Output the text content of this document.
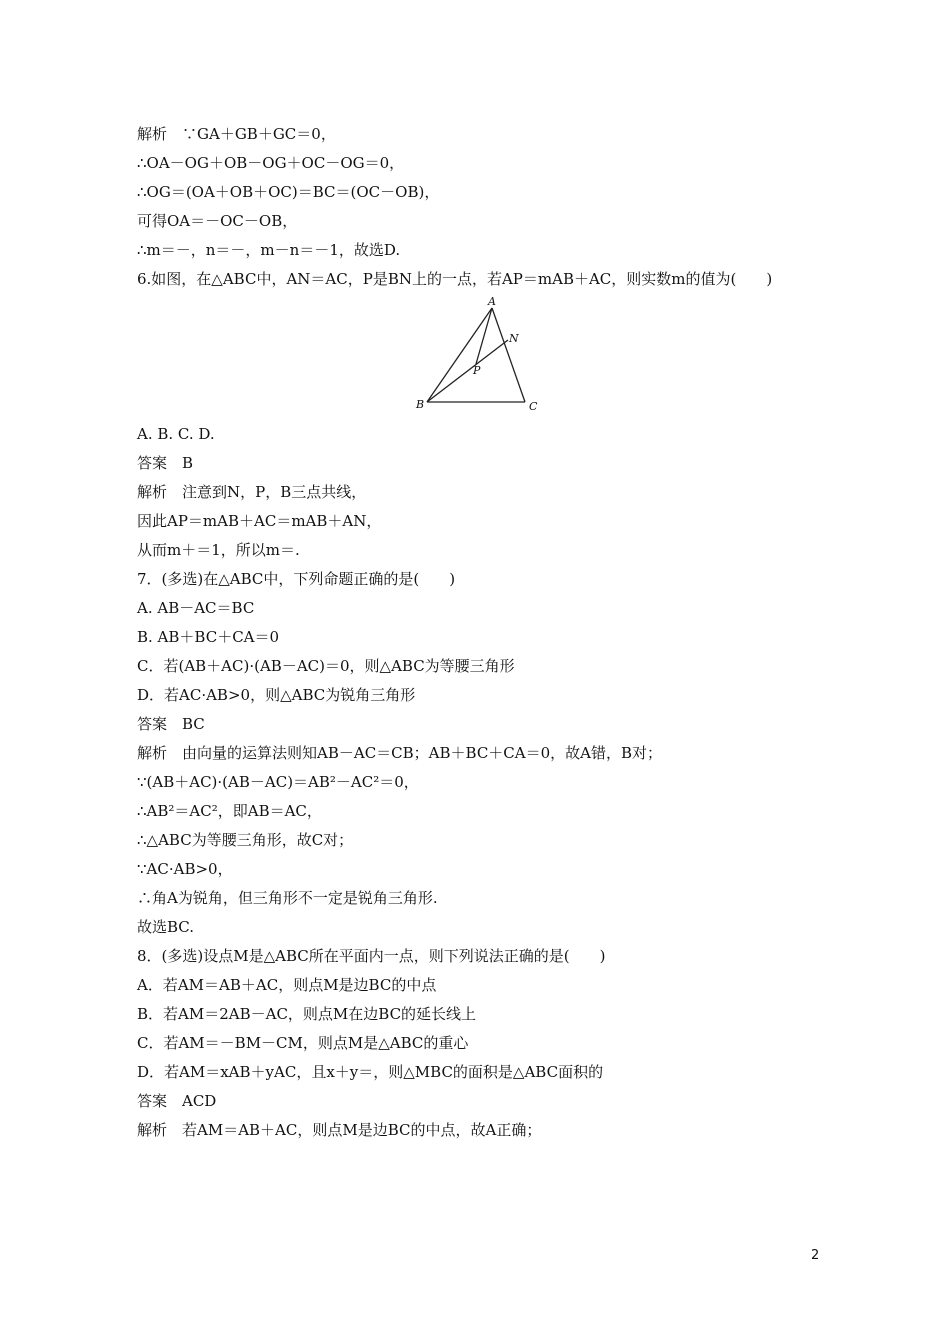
解析　∵GA＋GB＋GC＝0，
∴OA－OG＋OB－OG＋OC－OG＝0，
∴OG＝(OA＋OB＋OC)＝BC＝(OC－OB)，
可得OA＝－OC－OB，
∴m＝－，n＝－，m－n＝－1，故选D.
6.如图，在△ABC中，AN＝AC，P是BN上的一点，若AP＝mAB＋AC，则实数m的值为(　　)
A
N
P
B	C
A. B. C. D.
答案　B
解析　注意到N，P，B三点共线，
因此AP＝mAB＋AC＝mAB＋AN，
从而m＋＝1，所以m＝.
7．(多选)在△ABC中，下列命题正确的是(　　)
A. AB－AC＝BC
B. AB＋BC＋CA＝0
C．若(AB＋AC)·(AB－AC)＝0，则△ABC为等腰三角形
D．若AC·AB>0，则△ABC为锐角三角形
答案　BC
解析　由向量的运算法则知AB－AC＝CB；AB＋BC＋CA＝0，故A错，B对；
∵(AB＋AC)·(AB－AC)＝AB²－AC²＝0，
∴AB²＝AC²，即AB＝AC，
∴△ABC为等腰三角形，故C对；
∵AC·AB>0，
∴角A为锐角，但三角形不一定是锐角三角形.
故选BC.
8．(多选)设点M是△ABC所在平面内一点，则下列说法正确的是(　　)
A．若AM＝AB＋AC，则点M是边BC的中点
B．若AM＝2AB－AC，则点M在边BC的延长线上
C．若AM＝－BM－CM，则点M是△ABC的重心
D．若AM＝xAB＋yAC，且x＋y＝，则△MBC的面积是△ABC面积的
答案　ACD
解析　若AM＝AB＋AC，则点M是边BC的中点，故A正确；
2
